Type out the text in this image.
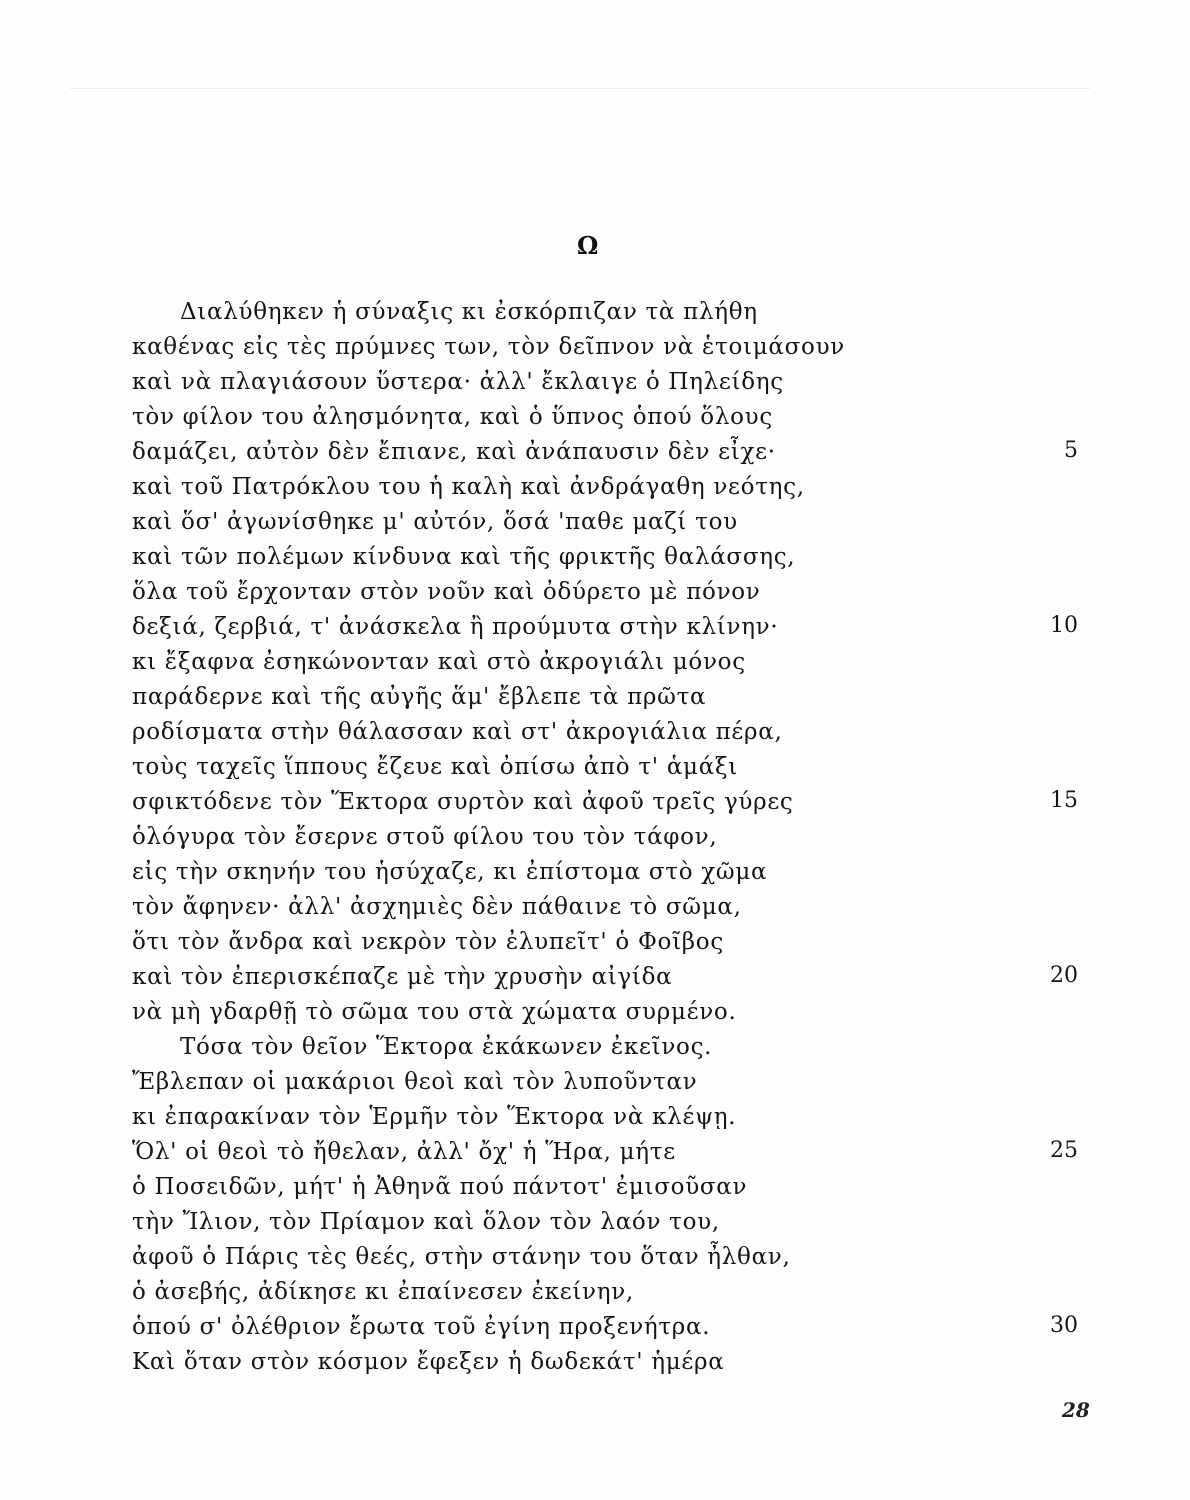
Ω
Διαλύθηκεν ἡ σύναξις κι ἐσκόρπιζαν τὰ πλήθη
καθένας εἰς τὲς πρύμνες των, τὸν δεῖπνον νὰ ἑτοιμάσουν
καὶ νὰ πλαγιάσουν ὕστερα· ἀλλ' ἔκλαιγε ὁ Πηλείδης
τὸν φίλον του ἀλησμόνητα, καὶ ὁ ὕπνος ὁπού ὅλους
δαμάζει, αὐτὸν δὲν ἔπιανε, καὶ ἀνάπαυσιν δὲν εἶχε·
καὶ τοῦ Πατρόκλου του ἡ καλὴ καὶ ἀνδράγαθη νεότης,
καὶ ὅσ' ἀγωνίσθηκε μ' αὐτόν, ὅσά 'παθε μαζί του
καὶ τῶν πολέμων κίνδυνα καὶ τῆς φρικτῆς θαλάσσης,
ὅλα τοῦ ἔρχονταν στὸν νοῦν καὶ ὀδύρετο μὲ πόνον
δεξιά, ζερβιά, τ' ἀνάσκελα ἢ προύμυτα στὴν κλίνην·
κι ἔξαφνα ἐσηκώνονταν καὶ στὸ ἀκρογιάλι μόνος
παράδερνε καὶ τῆς αὐγῆς ἅμ' ἔβλεπε τὰ πρῶτα
ροδίσματα στὴν θάλασσαν καὶ στ' ἀκρογιάλια πέρα,
τοὺς ταχεῖς ἵππους ἔζευε καὶ ὀπίσω ἀπὸ τ' ἁμάξι
σφικτόδενε τὸν Ἕκτορα συρτὸν καὶ ἀφοῦ τρεῖς γύρες
ὁλόγυρα τὸν ἔσερνε στοῦ φίλου του τὸν τάφον,
εἰς τὴν σκηνήν του ἡσύχαζε, κι ἐπίστομα στὸ χῶμα
τὸν ἄφηνεν· ἀλλ' ἀσχημιὲς δὲν πάθαινε τὸ σῶμα,
ὅτι τὸν ἄνδρα καὶ νεκρὸν τὸν ἐλυπεῖτ' ὁ Φοῖβος
καὶ τὸν ἐπερισκέπαζε μὲ τὴν χρυσὴν αἰγίδα
νὰ μὴ γδαρθῇ τὸ σῶμα του στὰ χώματα συρμένο.
Τόσα τὸν θεῖον Ἕκτορα ἐκάκωνεν ἐκεῖνος.
Ἔβλεπαν οἱ μακάριοι θεοὶ καὶ τὸν λυποῦνταν
κι ἐπαρακίναν τὸν Ἑρμῆν τὸν Ἕκτορα νὰ κλέψῃ.
Ὅλ' οἱ θεοὶ τὸ ἤθελαν, ἀλλ' ὄχ' ἡ Ἥρα, μήτε
ὁ Ποσειδῶν, μήτ' ἡ Ἀθηνᾶ πού πάντοτ' ἐμισοῦσαν
τὴν Ἴλιον, τὸν Πρίαμον καὶ ὅλον τὸν λαόν του,
ἀφοῦ ὁ Πάρις τὲς θεές, στὴν στάνην του ὅταν ἦλθαν,
ὁ ἀσεβής, ἀδίκησε κι ἐπαίνεσεν ἐκείνην,
ὁπού σ' ὀλέθριον ἔρωτα τοῦ ἐγίνη προξενήτρα.
Καὶ ὅταν στὸν κόσμον ἔφεξεν ἡ δωδεκάτ' ἡμέρα
5
10
15
20
25
30
28
